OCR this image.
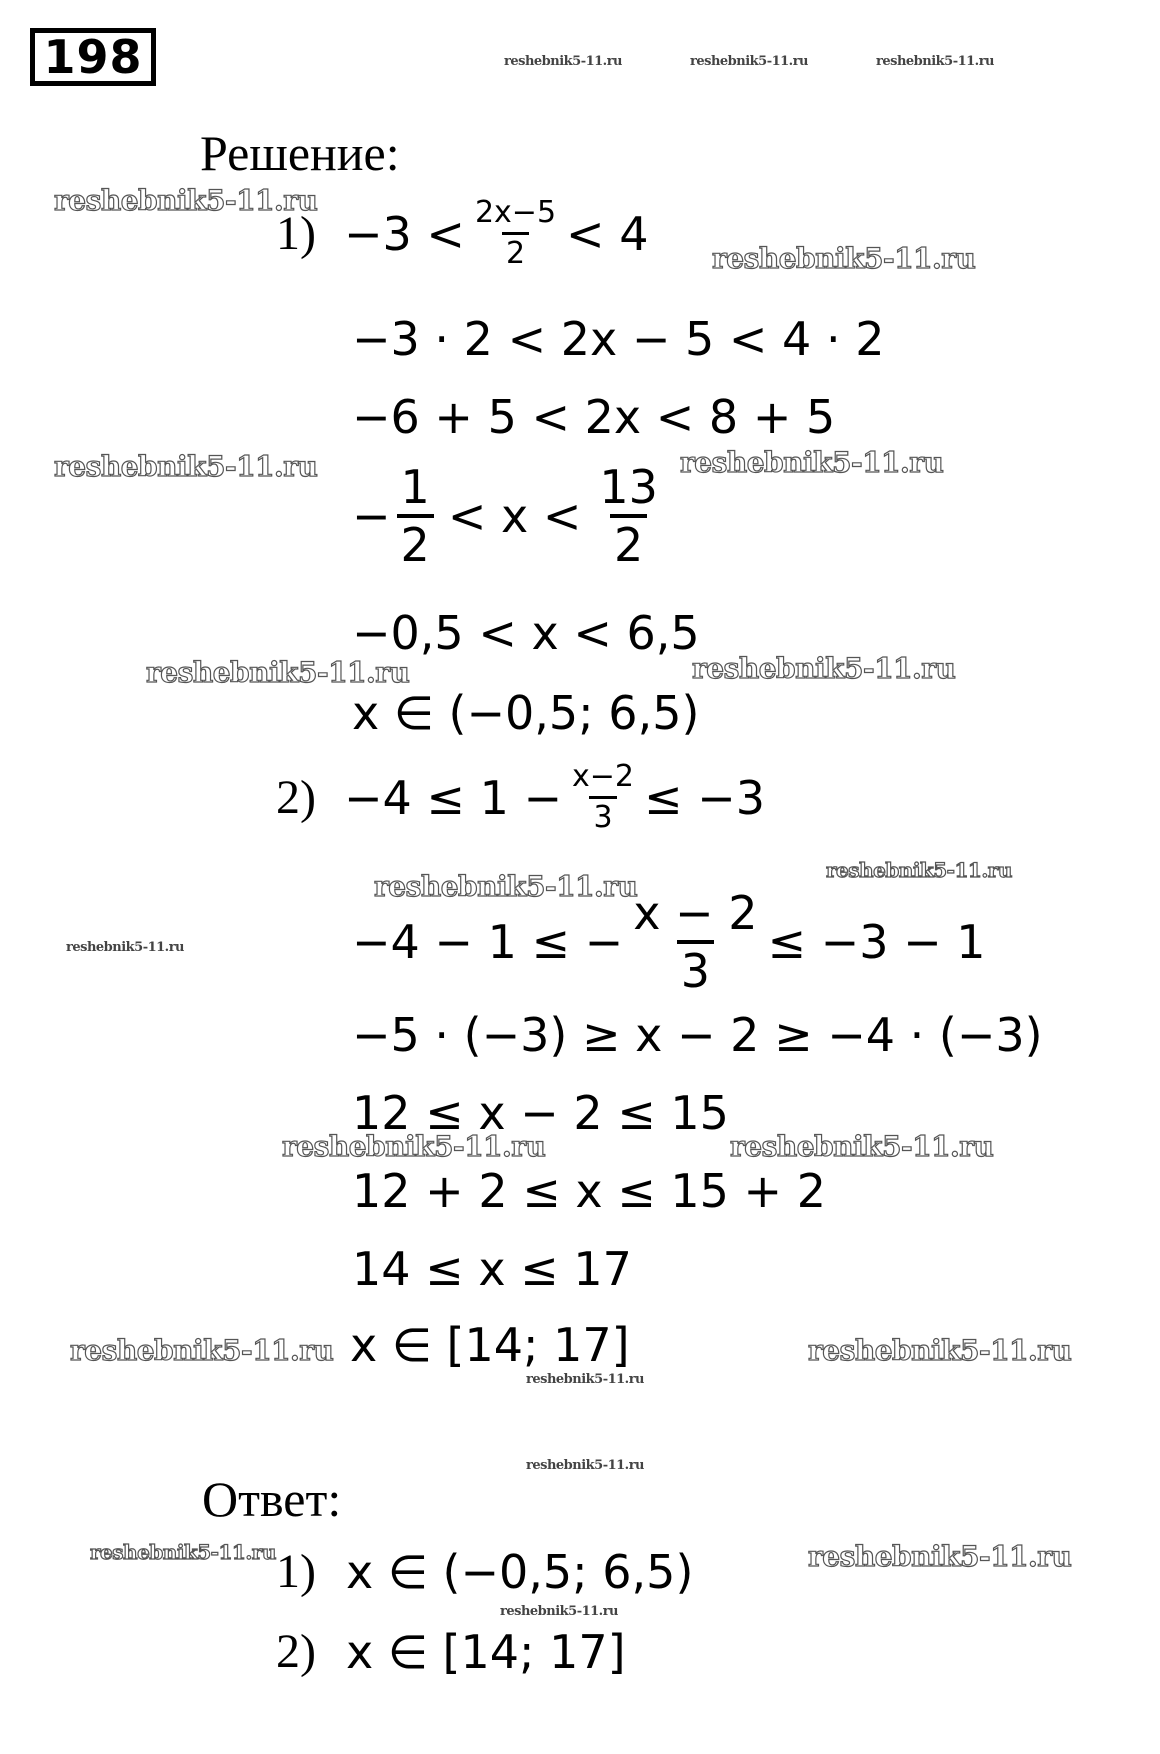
198	reshebnik5-11.ru	reshebnik5-11.ru	reshebnik5-11.ru
Решение:
reshebnik5-11.ru
$1) -3 < \frac{2x-5}{2} < 4$ reshebnik5-11.ru
−3 · 2 < 2x − 5 < 4 · 2
−6 + 5 < 2x < 8 + 5
reshebnik5-11.ru	reshebnik5-11.ru
− $\frac{1}{2} < x < \frac{13}{2}$
−0,5 < x < 6,5
reshebnik5-11.ru	reshebnik5-11.ru
x ∈ (−0,5; 6,5)
$2) -4 \le 1 - \frac{x-2}{3} \le -3$
reshebnik5-11.ru
reshebnik5-11.ru
reshebnik5-11.ru	−4 − 1 ≤ − $\frac{x - 2}{3} \le -3 - 1$
−5 · (−3) ≥ x − 2 ≥ −4 · (−3)
12 ≤ x − 2 ≤ 15
reshebnik5-11.ru	reshebnik5-11.ru
12 + 2 ≤ x ≤ 15 + 2
14 ≤ x ≤ 17
reshebnik5-11.ru x ∈ [14; 17]	reshebnik5-11.ru
reshebnik5-11.ru
reshebnik5-11.ru
Ответ:
reshebnik5-11.ru	reshebnik5-11.ru
1) x ∈ (−0,5; 6,5)
reshebnik5-11.ru
2) x ∈ [14; 17]
